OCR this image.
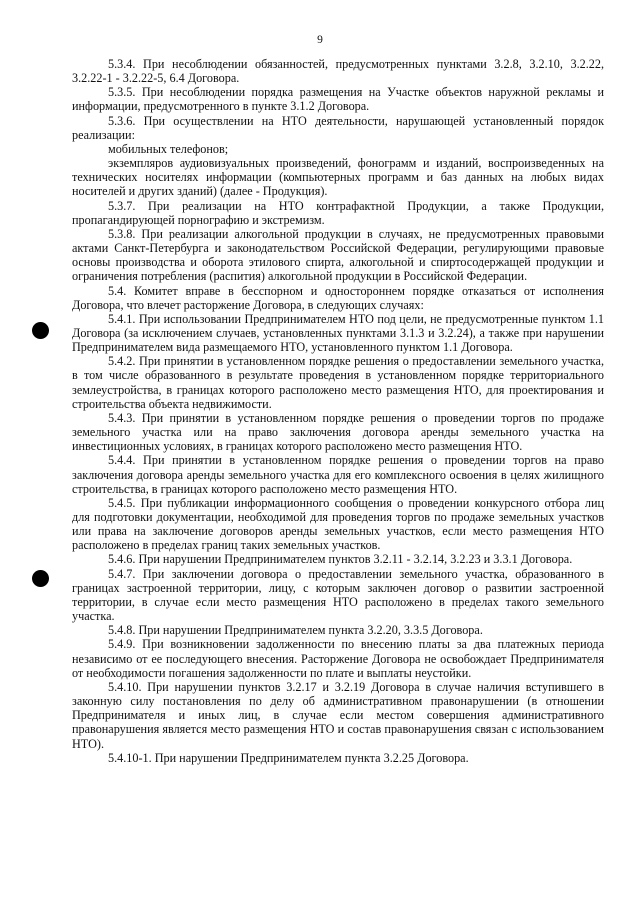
9

5.3.4. При несоблюдении обязанностей, предусмотренных пунктами 3.2.8, 3.2.10, 3.2.22, 3.2.22-1 - 3.2.22-5, 6.4 Договора.

5.3.5. При несоблюдении порядка размещения на Участке объектов наружной рекламы и информации, предусмотренного в пункте 3.1.2 Договора.

5.3.6. При осуществлении на НТО деятельности, нарушающей установленный порядок реализации:

мобильных телефонов;

экземпляров аудиовизуальных произведений, фонограмм и изданий, воспроизведенных на технических носителях информации (компьютерных программ и баз данных на любых видах носителей и других зданий) (далее - Продукция).

5.3.7. При реализации на НТО контрафактной Продукции, а также Продукции, пропагандирующей порнографию и экстремизм.

5.3.8. При реализации алкогольной продукции в случаях, не предусмотренных правовыми актами Санкт-Петербурга и законодательством Российской Федерации, регулирующими правовые основы производства и оборота этилового спирта, алкогольной и спиртосодержащей продукции и ограничения потребления (распития) алкогольной продукции в Российской Федерации.

5.4. Комитет вправе в бесспорном и одностороннем порядке отказаться от исполнения Договора, что влечет расторжение Договора, в следующих случаях:

5.4.1. При использовании Предпринимателем НТО под цели, не предусмотренные пунктом 1.1 Договора (за исключением случаев, установленных пунктами 3.1.3 и 3.2.24), а также при нарушении Предпринимателем вида размещаемого НТО, установленного пунктом 1.1 Договора.

5.4.2. При принятии в установленном порядке решения о предоставлении земельного участка, в том числе образованного в результате проведения в установленном порядке территориального землеустройства, в границах которого расположено место размещения НТО, для проектирования и строительства объекта недвижимости.

5.4.3. При принятии в установленном порядке решения о проведении торгов по продаже земельного участка или на право заключения договора аренды земельного участка на инвестиционных условиях, в границах которого расположено место размещения НТО.

5.4.4. При принятии в установленном порядке решения о проведении торгов на право заключения договора аренды земельного участка для его комплексного освоения в целях жилищного строительства, в границах которого расположено место размещения НТО.

5.4.5. При публикации информационного сообщения о проведении конкурсного отбора лиц для подготовки документации, необходимой для проведения торгов по продаже земельных участков или права на заключение договоров аренды земельных участков, если место размещения НТО расположено в пределах границ таких земельных участков.

5.4.6. При нарушении Предпринимателем пунктов 3.2.11 - 3.2.14, 3.2.23 и 3.3.1 Договора.

5.4.7. При заключении договора о предоставлении земельного участка, образованного в границах застроенной территории, лицу, с которым заключен договор о развитии застроенной территории, в случае если место размещения НТО расположено в пределах такого земельного участка.

5.4.8. При нарушении Предпринимателем пункта 3.2.20, 3.3.5 Договора.

5.4.9. При возникновении задолженности по внесению платы за два платежных периода независимо от ее последующего внесения. Расторжение Договора не освобождает Предпринимателя от необходимости погашения задолженности по плате и выплаты неустойки.

5.4.10. При нарушении пунктов 3.2.17 и 3.2.19 Договора в случае наличия вступившего в законную силу постановления по делу об административном правонарушении (в отношении Предпринимателя и иных лиц, в случае если местом совершения административного правонарушения является место размещения НТО и состав правонарушения связан с использованием НТО).

5.4.10-1. При нарушении Предпринимателем пункта 3.2.25 Договора.
